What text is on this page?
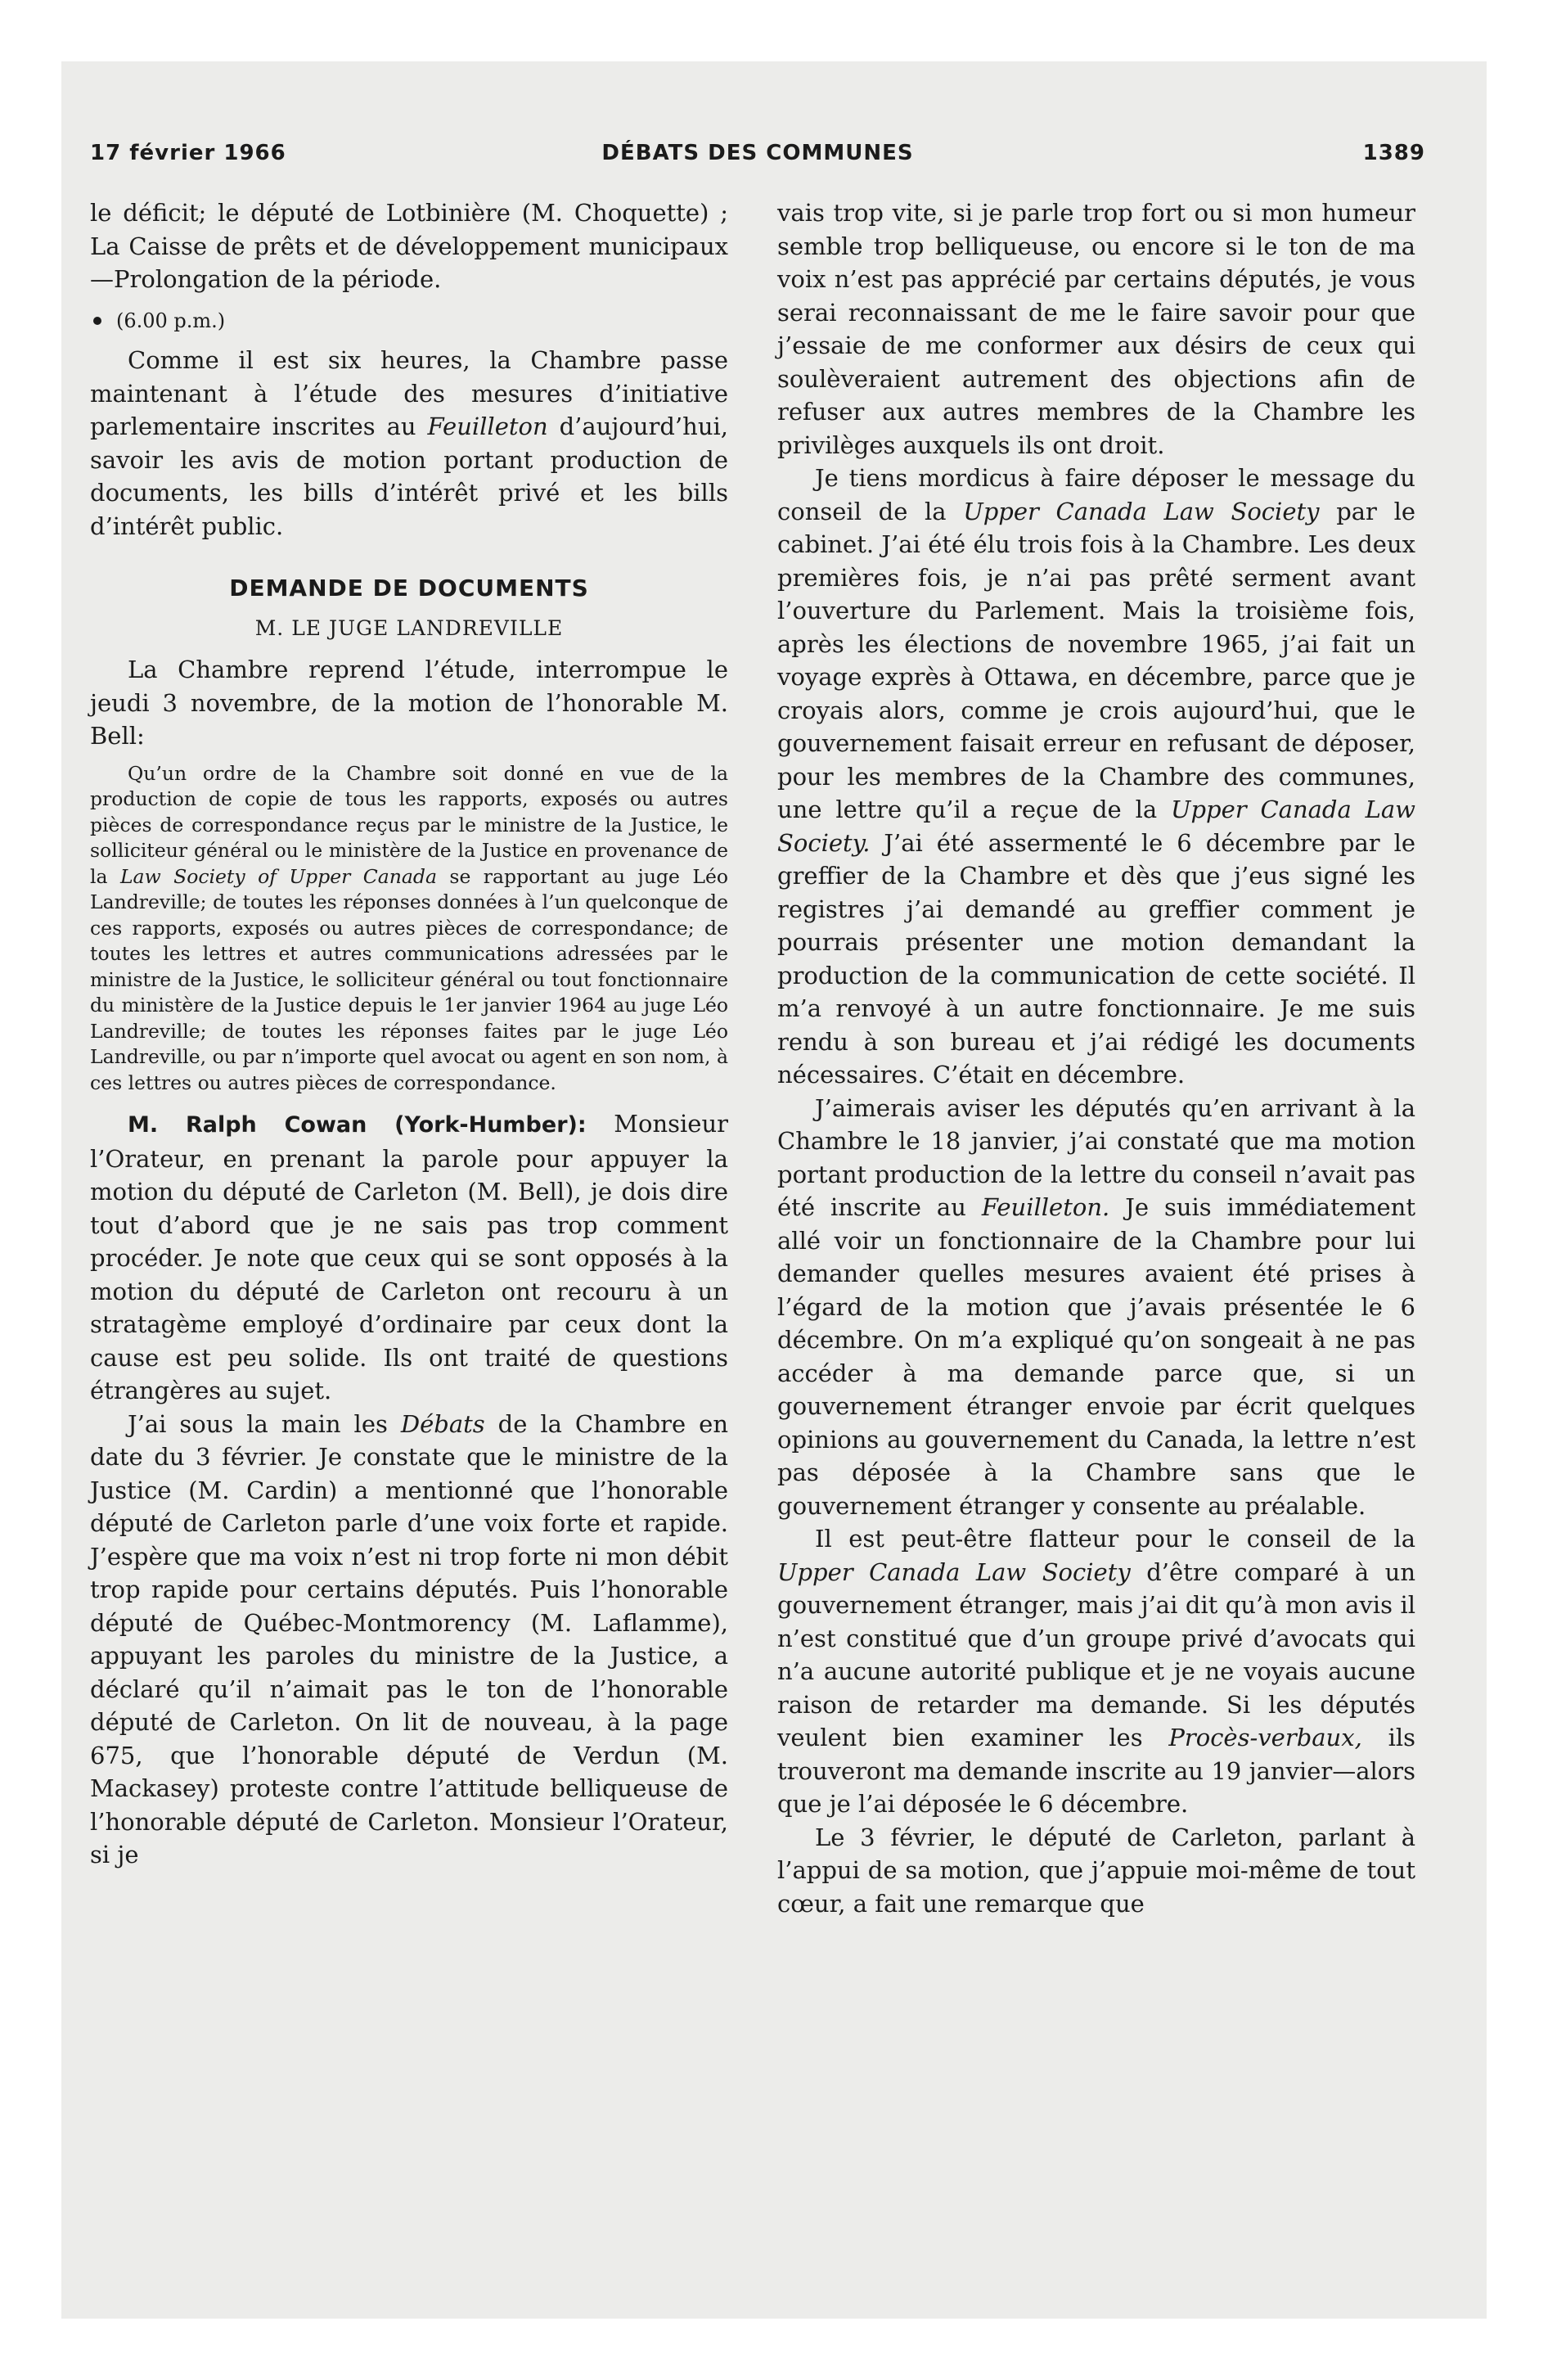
17 février 1966	DÉBATS DES COMMUNES	1389

le déficit; le député de Lotbinière (M. Choquette) ; La Caisse de prêts et de développement municipaux—Prolongation de la période.

(6.00 p.m.)

Comme il est six heures, la Chambre passe maintenant à l’étude des mesures d’initiative parlementaire inscrites au Feuilleton d’aujourd’hui, savoir les avis de motion portant production de documents, les bills d’intérêt privé et les bills d’intérêt public.

DEMANDE DE DOCUMENTS
M. LE JUGE LANDREVILLE

La Chambre reprend l’étude, interrompue le jeudi 3 novembre, de la motion de l’honorable M. Bell:

Qu’un ordre de la Chambre soit donné en vue de la production de copie de tous les rapports, exposés ou autres pièces de correspondance reçus par le ministre de la Justice, le solliciteur général ou le ministère de la Justice en provenance de la Law Society of Upper Canada se rapportant au juge Léo Landreville; de toutes les réponses données à l’un quelconque de ces rapports, exposés ou autres pièces de correspondance; de toutes les lettres et autres communications adressées par le ministre de la Justice, le solliciteur général ou tout fonctionnaire du ministère de la Justice depuis le 1er janvier 1964 au juge Léo Landreville; de toutes les réponses faites par le juge Léo Landreville, ou par n’importe quel avocat ou agent en son nom, à ces lettres ou autres pièces de correspondance.

M. Ralph Cowan (York-Humber): Monsieur l’Orateur, en prenant la parole pour appuyer la motion du député de Carleton (M. Bell), je dois dire tout d’abord que je ne sais pas trop comment procéder. Je note que ceux qui se sont opposés à la motion du député de Carleton ont recouru à un stratagème employé d’ordinaire par ceux dont la cause est peu solide. Ils ont traité de questions étrangères au sujet.

J’ai sous la main les Débats de la Chambre en date du 3 février. Je constate que le ministre de la Justice (M. Cardin) a mentionné que l’honorable député de Carleton parle d’une voix forte et rapide. J’espère que ma voix n’est ni trop forte ni mon débit trop rapide pour certains députés. Puis l’honorable député de Québec-Montmorency (M. Laflamme), appuyant les paroles du ministre de la Justice, a déclaré qu’il n’aimait pas le ton de l’honorable député de Carleton. On lit de nouveau, à la page 675, que l’honorable député de Verdun (M. Mackasey) proteste contre l’attitude belliqueuse de l’honorable député de Carleton. Monsieur l’Orateur, si je

vais trop vite, si je parle trop fort ou si mon humeur semble trop belliqueuse, ou encore si le ton de ma voix n’est pas apprécié par certains députés, je vous serai reconnaissant de me le faire savoir pour que j’essaie de me conformer aux désirs de ceux qui soulèveraient autrement des objections afin de refuser aux autres membres de la Chambre les privilèges auxquels ils ont droit.

Je tiens mordicus à faire déposer le message du conseil de la Upper Canada Law Society par le cabinet. J’ai été élu trois fois à la Chambre. Les deux premières fois, je n’ai pas prêté serment avant l’ouverture du Parlement. Mais la troisième fois, après les élections de novembre 1965, j’ai fait un voyage exprès à Ottawa, en décembre, parce que je croyais alors, comme je crois aujourd’hui, que le gouvernement faisait erreur en refusant de déposer, pour les membres de la Chambre des communes, une lettre qu’il a reçue de la Upper Canada Law Society. J’ai été assermenté le 6 décembre par le greffier de la Chambre et dès que j’eus signé les registres j’ai demandé au greffier comment je pourrais présenter une motion demandant la production de la communication de cette société. Il m’a renvoyé à un autre fonctionnaire. Je me suis rendu à son bureau et j’ai rédigé les documents nécessaires. C’était en décembre.

J’aimerais aviser les députés qu’en arrivant à la Chambre le 18 janvier, j’ai constaté que ma motion portant production de la lettre du conseil n’avait pas été inscrite au Feuilleton. Je suis immédiatement allé voir un fonctionnaire de la Chambre pour lui demander quelles mesures avaient été prises à l’égard de la motion que j’avais présentée le 6 décembre. On m’a expliqué qu’on songeait à ne pas accéder à ma demande parce que, si un gouvernement étranger envoie par écrit quelques opinions au gouvernement du Canada, la lettre n’est pas déposée à la Chambre sans que le gouvernement étranger y consente au préalable.

Il est peut-être flatteur pour le conseil de la Upper Canada Law Society d’être comparé à un gouvernement étranger, mais j’ai dit qu’à mon avis il n’est constitué que d’un groupe privé d’avocats qui n’a aucune autorité publique et je ne voyais aucune raison de retarder ma demande. Si les députés veulent bien examiner les Procès-verbaux, ils trouveront ma demande inscrite au 19 janvier—alors que je l’ai déposée le 6 décembre.

Le 3 février, le député de Carleton, parlant à l’appui de sa motion, que j’appuie moi-même de tout cœur, a fait une remarque que
